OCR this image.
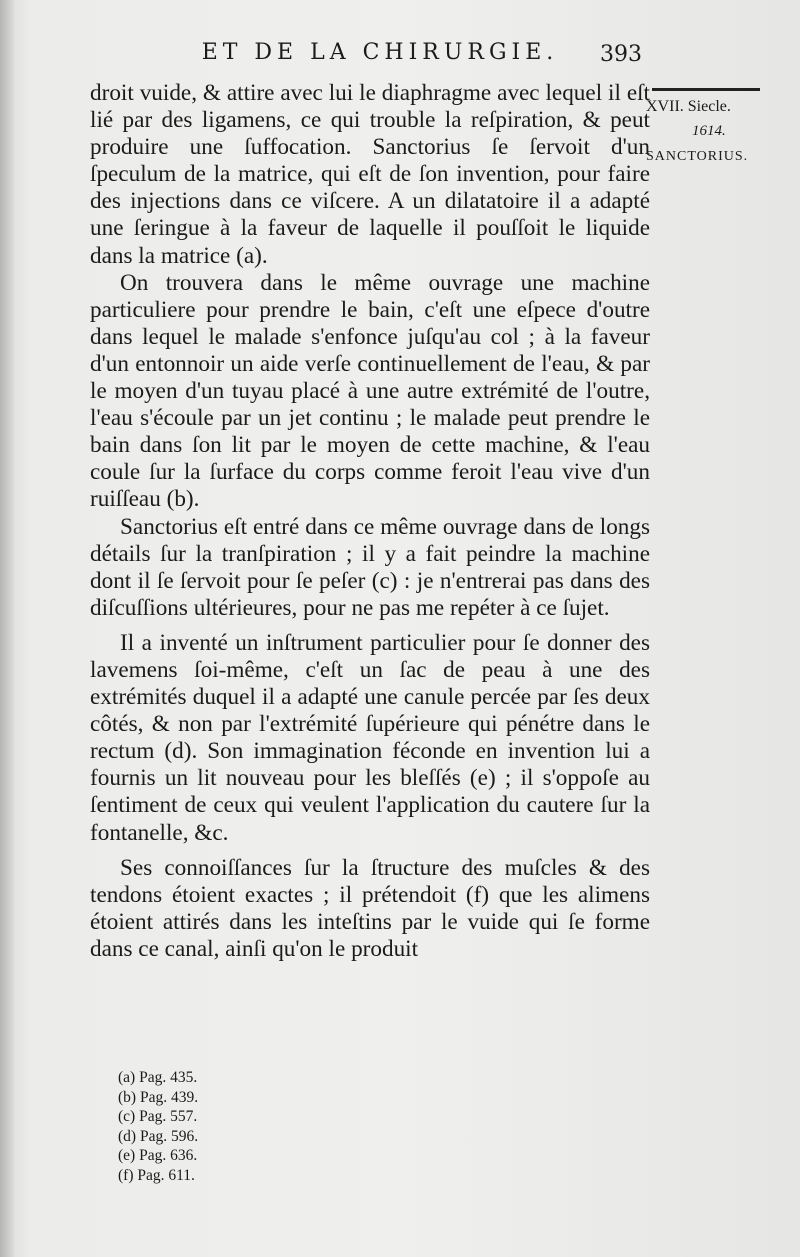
ET DE LA CHIRURGIE.	393
XVII. Siecle.
1614.
SANCTORIUS.

droit vuide, & attire avec lui le diaphragme avec lequel il eſt lié par des ligamens, ce qui trouble la reſpiration, & peut produire une ſuffocation. Sanctorius ſe ſervoit d'un ſpeculum de la matrice, qui eſt de ſon invention, pour faire des injections dans ce viſcere. A un dilatatoire il a adapté une ſeringue à la faveur de laquelle il pouſſoit le liquide dans la matrice (a).

On trouvera dans le même ouvrage une machine particuliere pour prendre le bain, c'eſt une eſpece d'outre dans lequel le malade s'enfonce juſqu'au col ; à la faveur d'un entonnoir un aide verſe continuellement de l'eau, & par le moyen d'un tuyau placé à une autre extrémité de l'outre, l'eau s'écoule par un jet continu ; le malade peut prendre le bain dans ſon lit par le moyen de cette machine, & l'eau coule ſur la ſurface du corps comme feroit l'eau vive d'un ruiſſeau (b).

Sanctorius eſt entré dans ce même ouvrage dans de longs détails ſur la tranſpiration ; il y a fait peindre la machine dont il ſe ſervoit pour ſe peſer (c) : je n'entrerai pas dans des diſcuſſions ultérieures, pour ne pas me repéter à ce ſujet.

Il a inventé un inſtrument particulier pour ſe donner des lavemens ſoi-même, c'eſt un ſac de peau à une des extrémités duquel il a adapté une canule percée par ſes deux côtés, & non par l'extrémité ſupérieure qui pénétre dans le rectum (d). Son immagination féconde en invention lui a fournis un lit nouveau pour les bleſſés (e) ; il s'oppoſe au ſentiment de ceux qui veulent l'application du cautere ſur la fontanelle, &c.

Ses connoiſſances ſur la ſtructure des muſcles & des tendons étoient exactes ; il prétendoit (f) que les alimens étoient attirés dans les inteſtins par le vuide qui ſe forme dans ce canal, ainſi qu'on le produit

(a) Pag. 435.
(b) Pag. 439.
(c) Pag. 557.
(d) Pag. 596.
(e) Pag. 636.
(f) Pag. 611.
